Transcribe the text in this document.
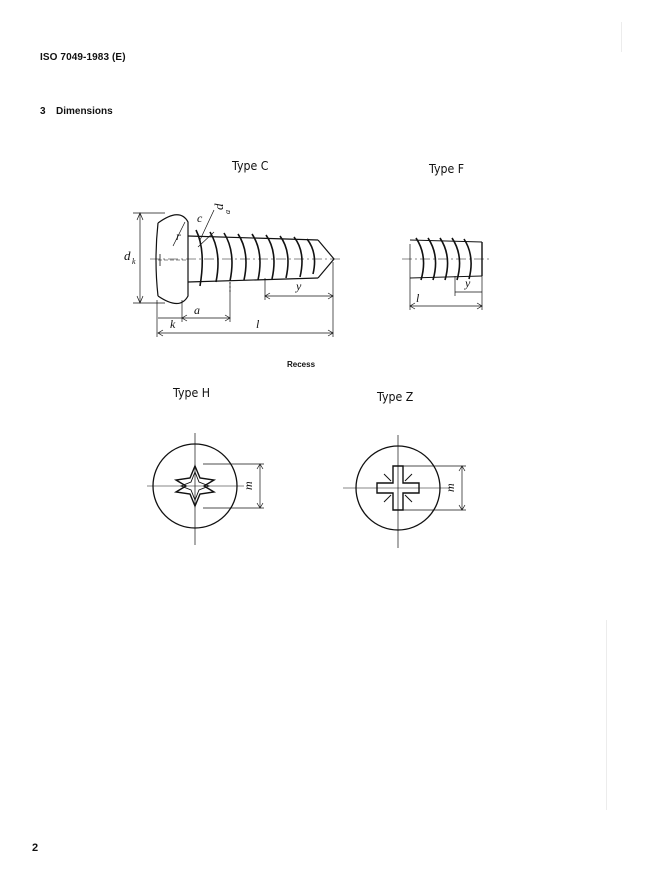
ISO 7049-1983 (E)
3 Dimensions
Type C	Type F
Recess
Type H	Type Z
d k
d
a
r
c
a
k	l
y	y
l
m	m
2
